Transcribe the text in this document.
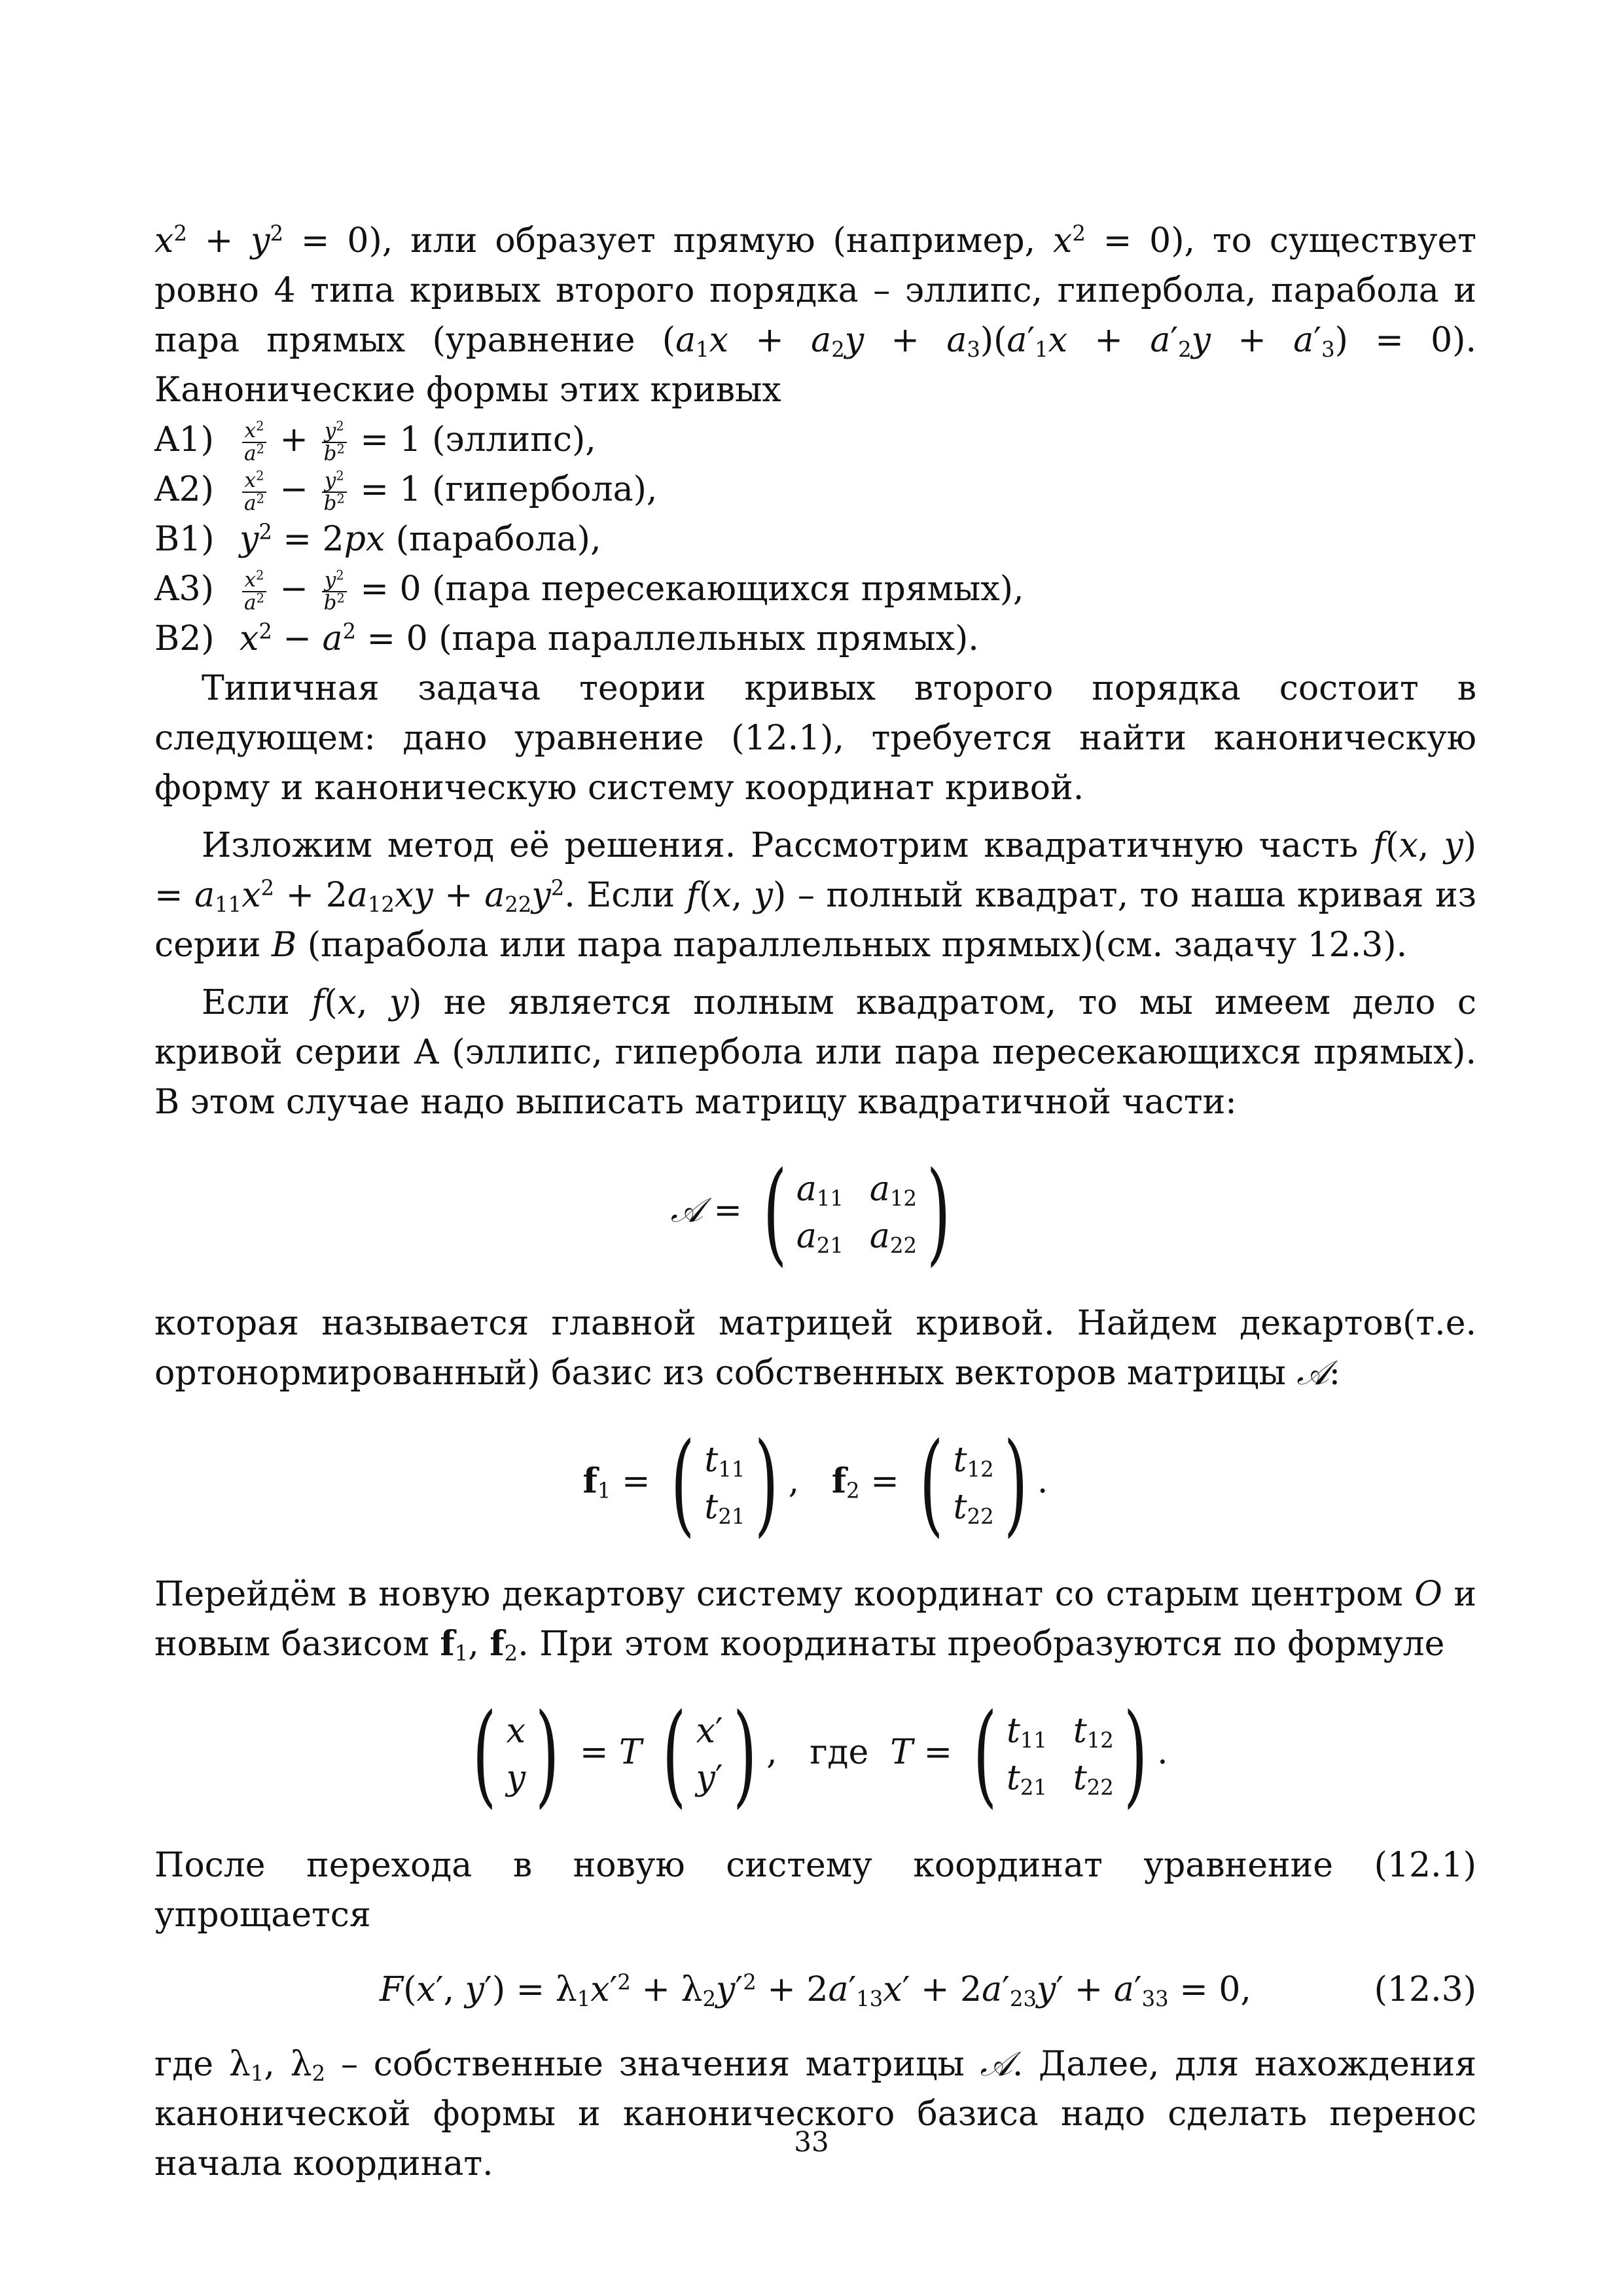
$x^2 + y^2 = 0$), или образует прямую (например, $x^2 = 0$), то существует ровно 4 типа кривых второго порядка – эллипс, гипербола, парабола и пара прямых (уравнение $(a_1x + a_2y + a_3)(a'_1x + a'_2y + a'_3) = 0$). Канонические формы этих кривых

$A1) \frac{x^2}{a^2} + \frac{y^2}{b^2} = 1$ (эллипс),
$A2) \frac{x^2}{a^2} - \frac{y^2}{b^2} = 1$ (гипербола),
B1) $y^2 = 2px$ (парабола),
$A3) \frac{x^2}{a^2} - \frac{y^2}{b^2} = 0$ (пара пересекающихся прямых),
B2) $x^2 - a^2 = 0$ (пара параллельных прямых).

Типичная задача теории кривых второго порядка состоит в следующем: дано уравнение (12.1), требуется найти каноническую форму и каноническую систему координат кривой.

Изложим метод её решения. Рассмотрим квадратичную часть f(x, $y) = a_{11}x^2 + 2a_{12}xy + a_{22}y^2$. Если f(x, y) – полный квадрат, то наша кривая из серии B (парабола или пара параллельных прямых)(см. задачу 12.3).

Если f(x, y) не является полным квадратом, то мы имеем дело с кривой серии А (эллипс, гипербола или пара пересекающихся прямых). В этом случае надо выписать матрицу квадратичной части:

𝒜 = ( $a_{11}$ $a_{12}$
$a_{21}$ $a_{22}$ )

которая называется главной матрицей кривой. Найдем декартов(т.е. ортонормированный) базис из собственных векторов матрицы 𝒜:

$f_1$ = ( $t_{11}$
$t_{21}$ ) ,   $f_2$ = ( $t_{12}$
$t_{22}$ ) .

Перейдём в новую декартову систему координат со старым центром O и новым базисом $f_1$, $f_2$. При этом координаты преобразуются по формуле

( x
y ) = T ( x′
y′ ) ,   где T = ( $t_{11}$ $t_{12}$
$t_{21}$ $t_{22}$ ) .

После перехода в новую систему координат уравнение (12.1) упрощается

F(x′, $y') = \lambda_1x'^2 + \lambda_2y'^2 + 2a'_{13}x' + 2a'_{23}y' + a'_{33} = 0$,	(12.3)

где $\lambda_1$, $\lambda_2$ – собственные значения матрицы 𝒜. Далее, для нахождения канонической формы и канонического базиса надо сделать перенос начала координат.

33
